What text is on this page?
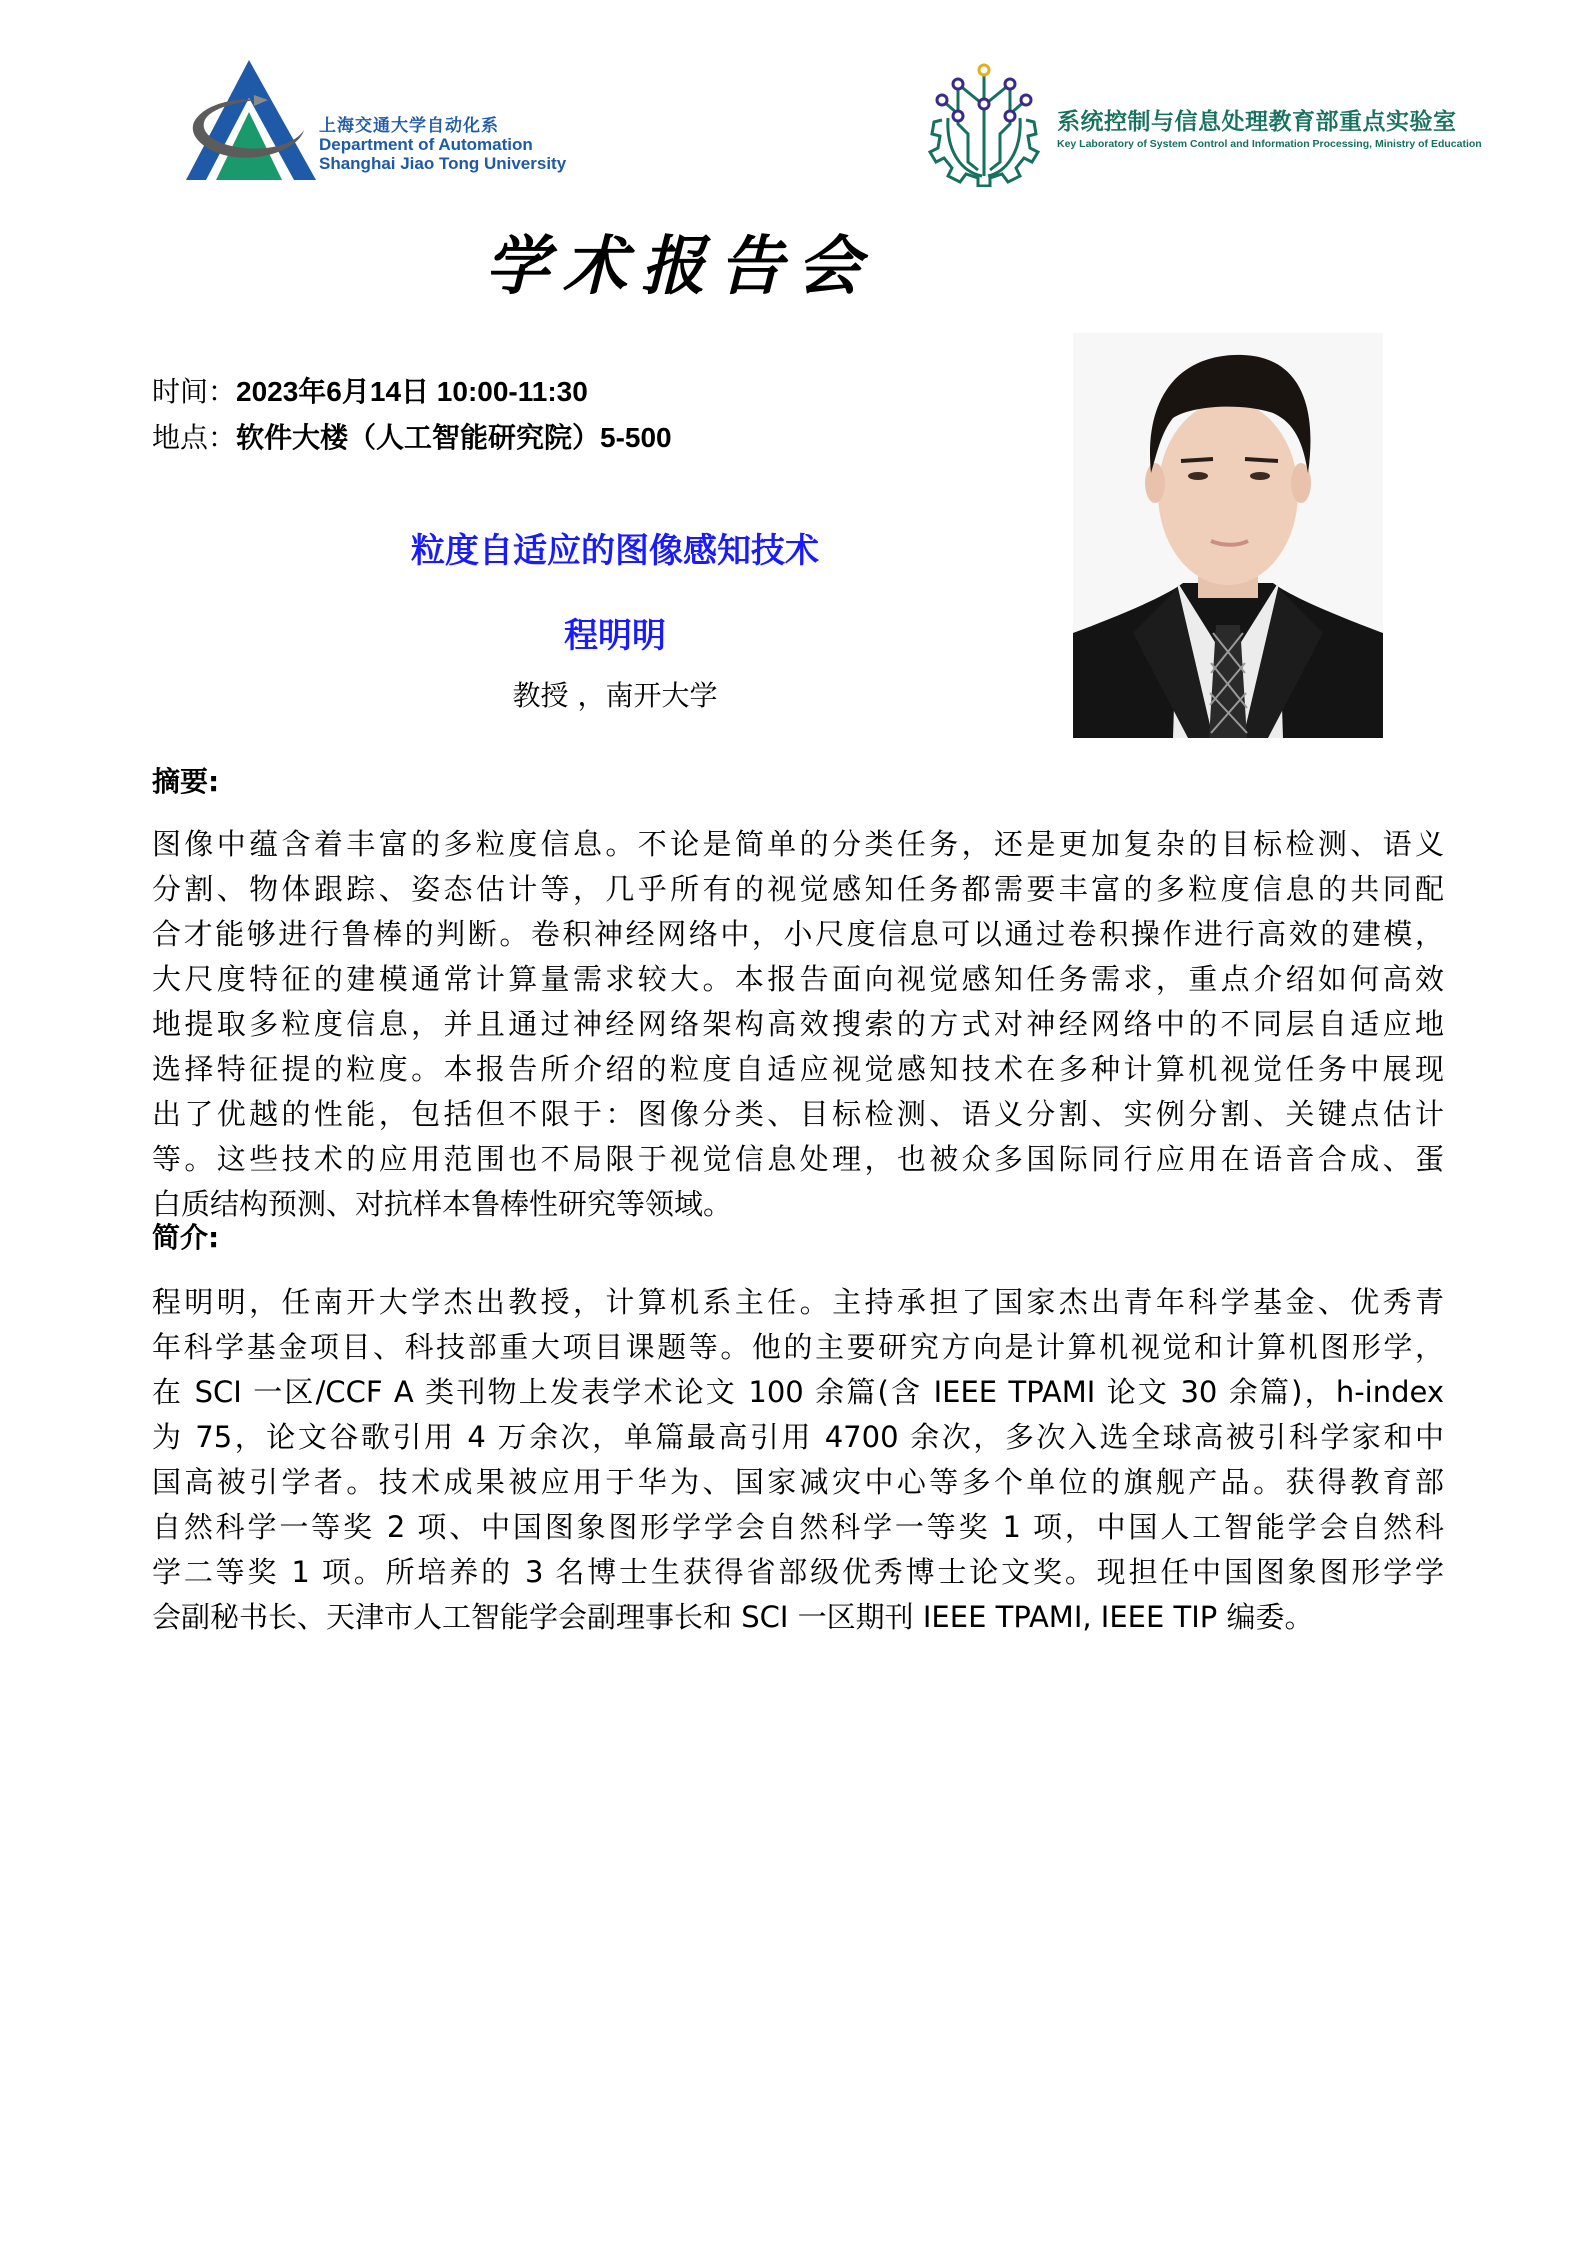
上海交通大学自动化系
Department of Automation
Shanghai Jiao Tong University
系统控制与信息处理教育部重点实验室
Key Laboratory of System Control and Information Processing, Ministry of Education
学术报告会
时间：2023年6月14日 10:00-11:30
地点：软件大楼（人工智能研究院）5-500
粒度自适应的图像感知技术
程明明
教授 ，南开大学
摘要:
图像中蕴含着丰富的多粒度信息。不论是简单的分类任务，还是更加复杂的目标检测、语义
分割、物体跟踪、姿态估计等，几乎所有的视觉感知任务都需要丰富的多粒度信息的共同配
合才能够进行鲁棒的判断。卷积神经网络中，小尺度信息可以通过卷积操作进行高效的建模，
大尺度特征的建模通常计算量需求较大。本报告面向视觉感知任务需求，重点介绍如何高效
地提取多粒度信息，并且通过神经网络架构高效搜索的方式对神经网络中的不同层自适应地
选择特征提的粒度。本报告所介绍的粒度自适应视觉感知技术在多种计算机视觉任务中展现
出了优越的性能，包括但不限于：图像分类、目标检测、语义分割、实例分割、关键点估计
等。这些技术的应用范围也不局限于视觉信息处理，也被众多国际同行应用在语音合成、蛋
白质结构预测、对抗样本鲁棒性研究等领域。
简介:
程明明，任南开大学杰出教授，计算机系主任。主持承担了国家杰出青年科学基金、优秀青
年科学基金项目、科技部重大项目课题等。他的主要研究方向是计算机视觉和计算机图形学，
在 SCI 一区/CCF A 类刊物上发表学术论文 100 余篇(含 IEEE TPAMI 论文 30 余篇)，h-index
为 75，论文谷歌引用 4 万余次，单篇最高引用 4700 余次，多次入选全球高被引科学家和中
国高被引学者。技术成果被应用于华为、国家减灾中心等多个单位的旗舰产品。获得教育部
自然科学一等奖 2 项、中国图象图形学学会自然科学一等奖 1 项，中国人工智能学会自然科
学二等奖 1 项。所培养的 3 名博士生获得省部级优秀博士论文奖。现担任中国图象图形学学
会副秘书长、天津市人工智能学会副理事长和 SCI 一区期刊 IEEE TPAMI, IEEE TIP 编委。
